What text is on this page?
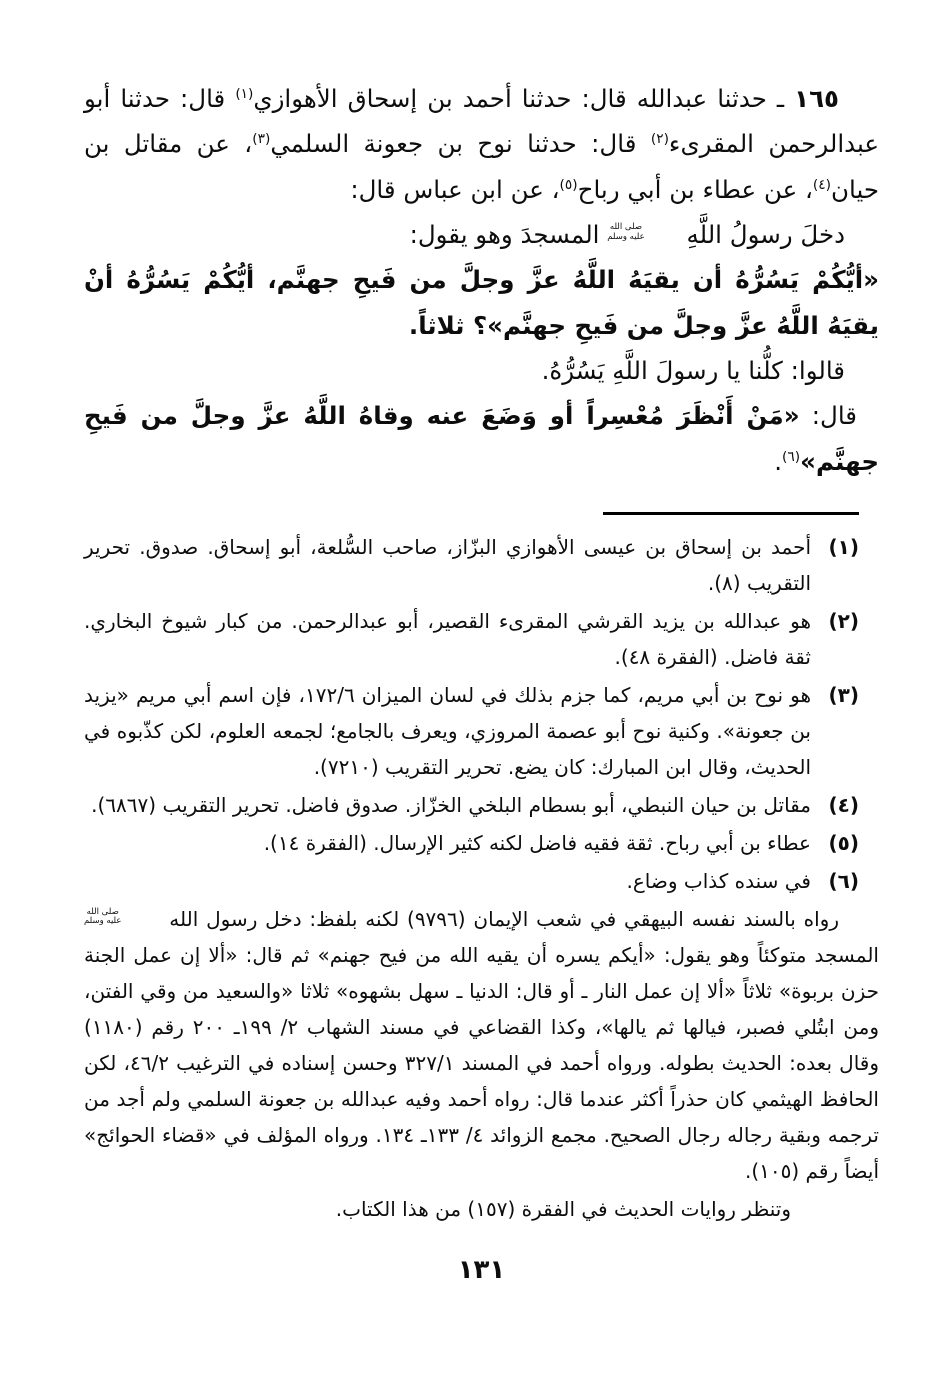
١٦٥ ـ حدثنا عبدالله قال: حدثنا أحمد بن إسحاق الأهوازي$^{(١)}$ قال: حدثنا أبو عبدالرحمن المقرىء$^{(٢)}$ قال: حدثنا نوح بن جعونة السلمي$^{(٣)}$، عن مقاتل بن حيان$^{(٤)}$، عن عطاء بن أبي رباح$^{(٥)}$، عن ابن عباس قال:

دخلَ رسولُ اللَّهِ
صلى الله
عليه وسلم
المسجدَ وهو يقول:

«أيُّكُمْ يَسُرُّهُ أن يقيَهُ اللَّهُ عزَّ وجلَّ من فَيحِ جهنَّم، أيُّكُمْ يَسُرُّهُ أنْ يقيَهُ اللَّهُ عزَّ وجلَّ من فَيحِ جهنَّم»؟ ثلاثاً.

قالوا: كلُّنا يا رسولَ اللَّهِ يَسُرُّهُ.

قال: «مَنْ أَنْظَرَ مُعْسِراً أو وَضَعَ عنه وقاهُ اللَّهُ عزَّ وجلَّ من فَيحِ جهنَّم»$^{(٦)}$.

(١)
أحمد بن إسحاق بن عيسى الأهوازي البزّاز، صاحب السُّلعة، أبو إسحاق. صدوق. تحرير التقريب (٨).
(٢)
هو عبدالله بن يزيد القرشي المقرىء القصير، أبو عبدالرحمن. من كبار شيوخ البخاري. ثقة فاضل. (الفقرة ٤٨).
(٣)
هو نوح بن أبي مريم، كما جزم بذلك في لسان الميزان ١٧٢/٦، فإن اسم أبي مريم «يزيد بن جعونة». وكنية نوح أبو عصمة المروزي، ويعرف بالجامع؛ لجمعه العلوم، لكن كذّبوه في الحديث، وقال ابن المبارك: كان يضع. تحرير التقريب (٧٢١٠).
(٤)
مقاتل بن حيان النبطي، أبو بسطام البلخي الخزّاز. صدوق فاضل. تحرير التقريب (٦٨٦٧).
(٥)
عطاء بن أبي رباح. ثقة فقيه فاضل لكنه كثير الإرسال. (الفقرة ١٤).
(٦)
في سنده كذاب وضاع.

رواه بالسند نفسه البيهقي في شعب الإيمان (٩٧٩٦) لكنه بلفظ: دخل رسول الله
صلى الله
عليه وسلم
المسجد متوكئاً وهو يقول: «أيكم يسره أن يقيه الله من فيح جهنم» ثم قال: «ألا إن عمل الجنة حزن بربوة» ثلاثاً «ألا إن عمل النار ـ أو قال: الدنيا ـ سهل بشهوه» ثلاثا «والسعيد من وقي الفتن، ومن ابتُلي فصبر، فيالها ثم يالها»، وكذا القضاعي في مسند الشهاب ٢/ ١٩٩ـ ٢٠٠ رقم (١١٨٠) وقال بعده: الحديث بطوله. ورواه أحمد في المسند ٣٢٧/١ وحسن إسناده في الترغيب ٤٦/٢، لكن الحافظ الهيثمي كان حذراً أكثر عندما قال: رواه أحمد وفيه عبدالله بن جعونة السلمي ولم أجد من ترجمه وبقية رجاله رجال الصحيح. مجمع الزوائد ٤/ ١٣٣ـ ١٣٤. ورواه المؤلف في «قضاء الحوائج» أيضاً رقم (١٠٥).

وتنظر روايات الحديث في الفقرة (١٥٧) من هذا الكتاب.

١٣١
